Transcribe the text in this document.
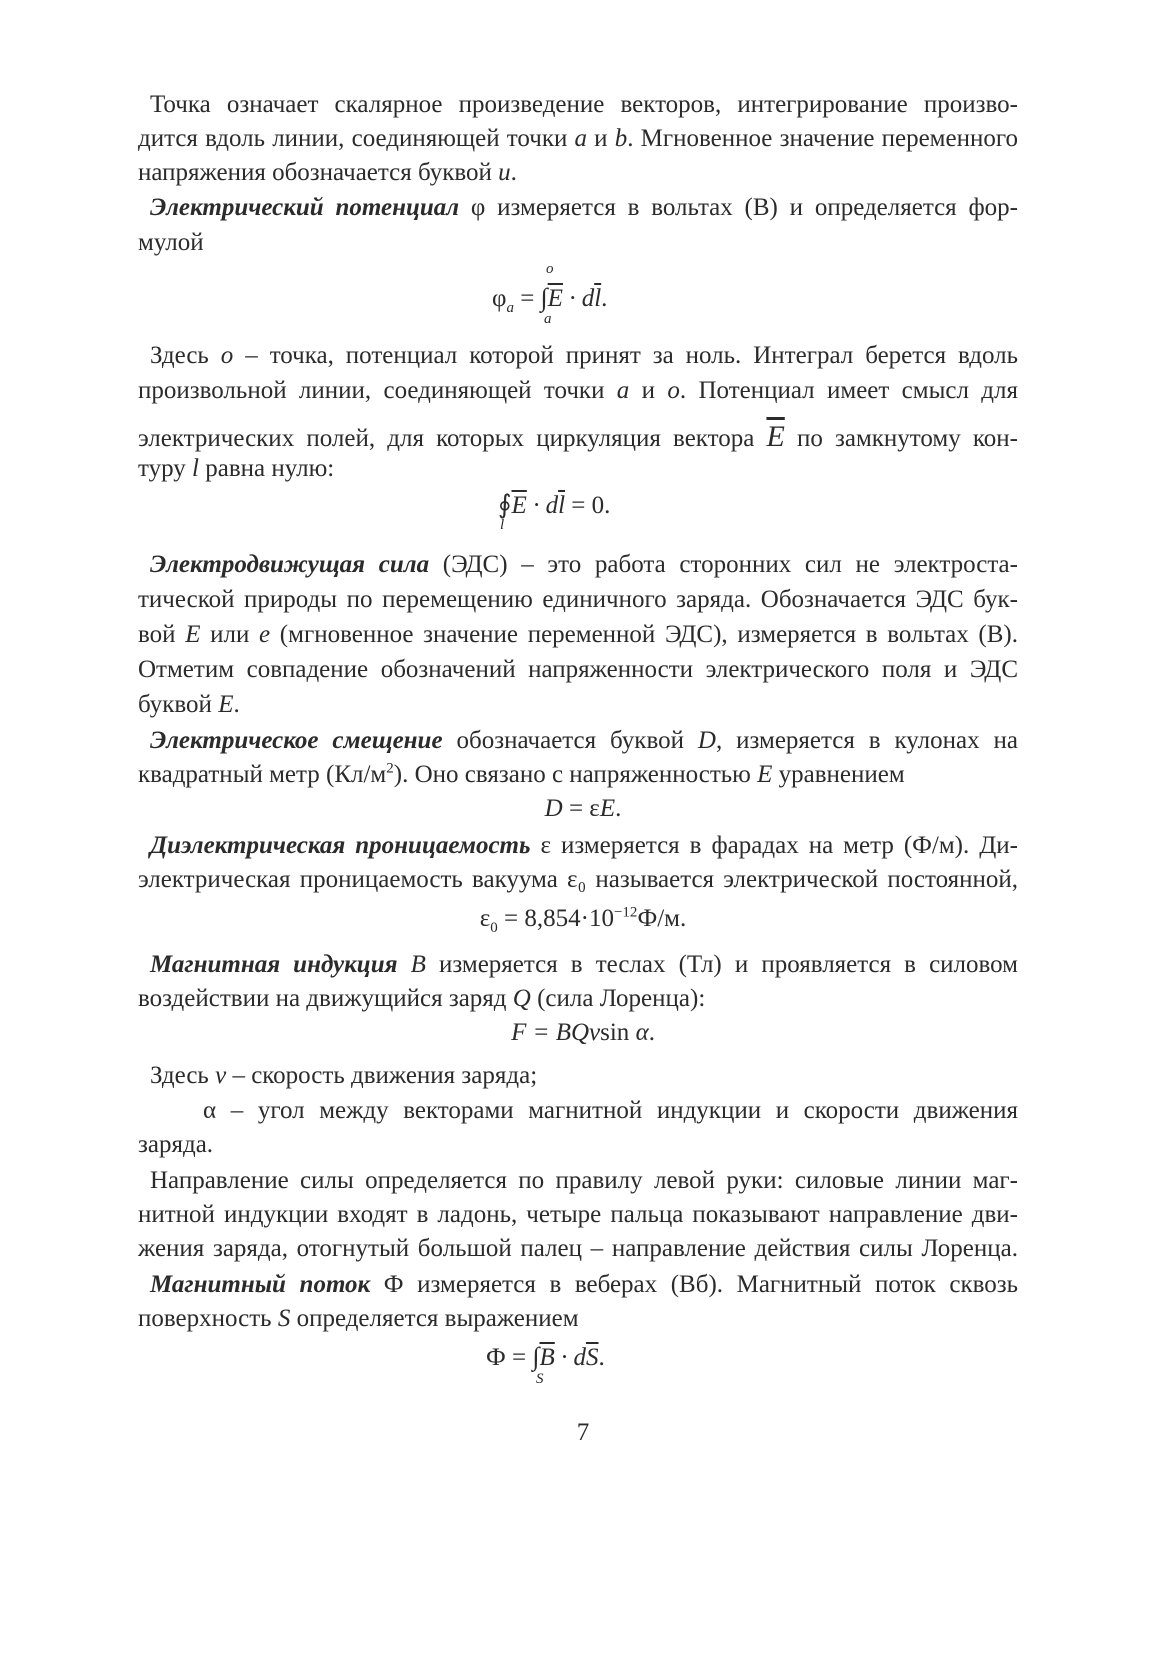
Точка означает скалярное произведение векторов, интегрирование произво-
дится вдоль линии, соединяющей точки a и b. Мгновенное значение переменного
напряжения обозначается буквой u.
Электрический потенциал φ измеряется в вольтах (В) и определяется фор-
мулой
o
$\varphi_a = \int\overline{E} \cdot d\overline{l}$.
a
Здесь o – точка, потенциал которой принят за ноль. Интеграл берется вдоль
произвольной линии, соединяющей точки a и o. Потенциал имеет смысл для
электрических полей, для которых циркуляция вектора $\overline{E}$ по замкнутому кон-
туру l равна нулю:
$∮\overline{E} \cdot d\overline{l} = 0$.
l
Электродвижущая сила (ЭДС) – это работа сторонних сил не электроста-
тической природы по перемещению единичного заряда. Обозначается ЭДС бук-
вой E или e (мгновенное значение переменной ЭДС), измеряется в вольтах (В).
Отметим совпадение обозначений напряженности электрического поля и ЭДС
буквой E.
Электрическое смещение обозначается буквой D, измеряется в кулонах на
квадратный метр $(Кл/м^2)$. Оно связано с напряженностью E уравнением
D = εE.
Диэлектрическая проницаемость ε измеряется в фарадах на метр (Ф/м). Ди-
электрическая проницаемость вакуума ε₀ называется электрической постоянной,
$\varepsilon_0 = 8,854\cdot 10^{-12}Ф/м$.
Магнитная индукция B измеряется в теслах (Тл) и проявляется в силовом
воздействии на движущийся заряд Q (сила Лоренца):
F = BQvsin α.
Здесь v – скорость движения заряда;
α – угол между векторами магнитной индукции и скорости движения
заряда.
Направление силы определяется по правилу левой руки: силовые линии маг-
нитной индукции входят в ладонь, четыре пальца показывают направление дви-
жения заряда, отогнутый большой палец – направление действия силы Лоренца.
Магнитный поток Ф измеряется в веберах (Вб). Магнитный поток сквозь
поверхность S определяется выражением
$Ф = \int\overline{B} \cdot d\overline{S}$.
S
7
